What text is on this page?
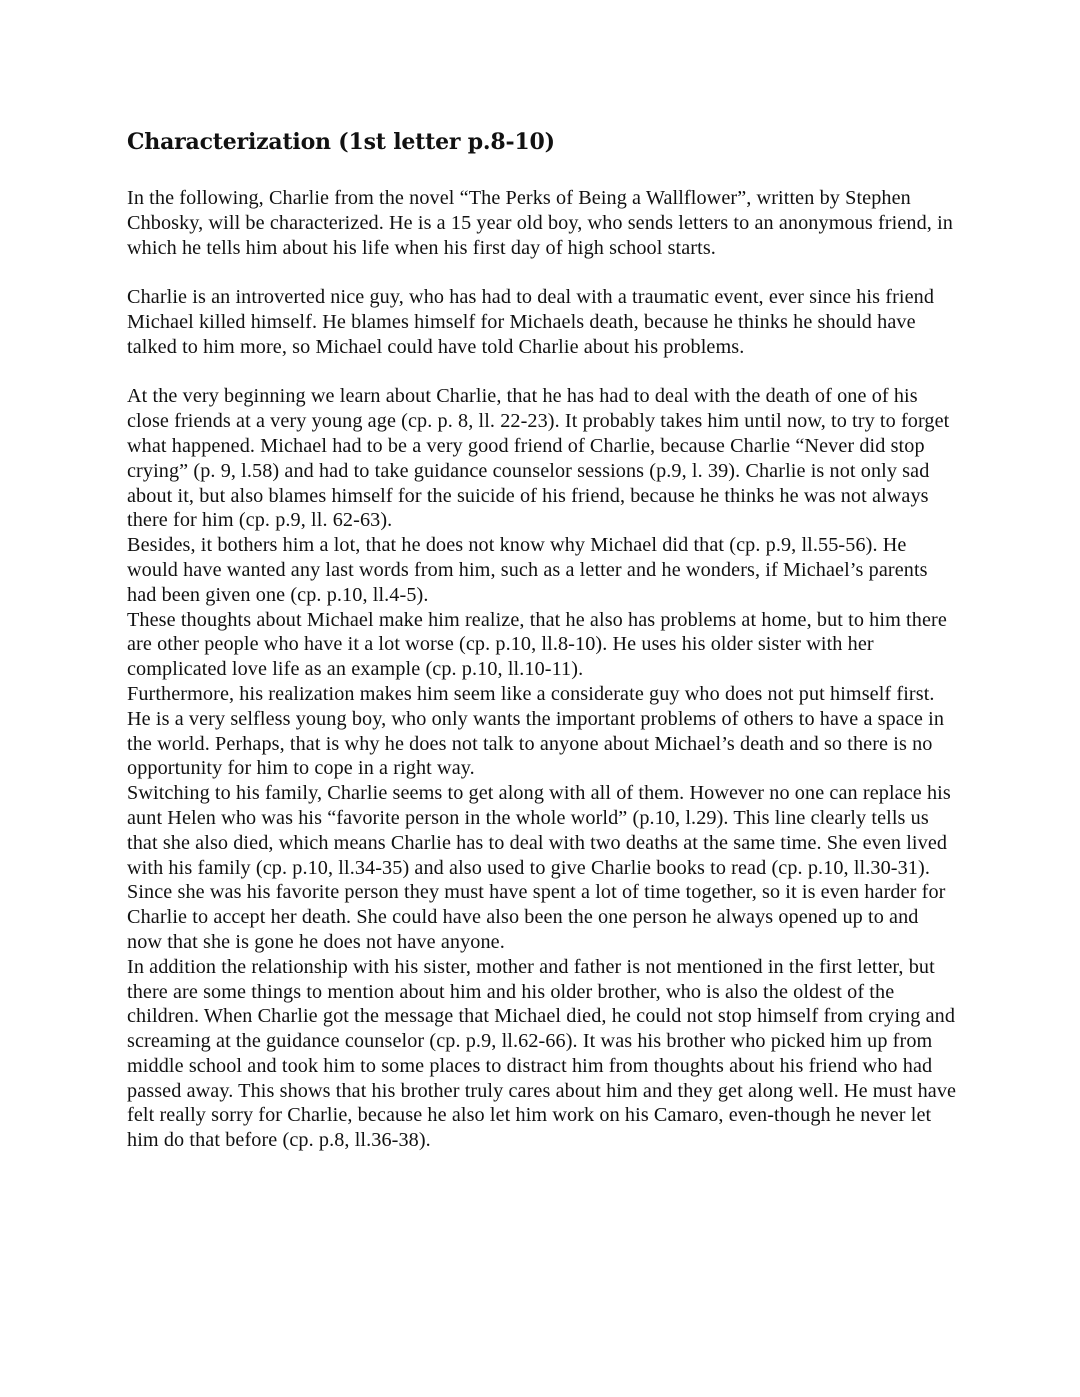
Characterization (1st letter p.8-10)

In the following, Charlie from the novel “The Perks of Being a Wallflower”, written by Stephen Chbosky, will be characterized. He is a 15 year old boy, who sends letters to an anonymous friend, in which he tells him about his life when his first day of high school starts.

Charlie is an introverted nice guy, who has had to deal with a traumatic event, ever since his friend Michael killed himself. He blames himself for Michaels death, because he thinks he should have talked to him more, so Michael could have told Charlie about his problems.

At the very beginning we learn about Charlie, that he has had to deal with the death of one of his close friends at a very young age (cp. p. 8, ll. 22-23). It probably takes him until now, to try to forget what happened. Michael had to be a very good friend of Charlie, because Charlie “Never did stop crying” (p. 9, l.58) and had to take guidance counselor sessions (p.9, l. 39). Charlie is not only sad about it, but also blames himself for the suicide of his friend, because he thinks he was not always there for him (cp. p.9, ll. 62-63).

Besides, it bothers him a lot, that he does not know why Michael did that (cp. p.9, ll.55-56). He would have wanted any last words from him, such as a letter and he wonders, if Michael’s parents had been given one (cp. p.10, ll.4-5).

These thoughts about Michael make him realize, that he also has problems at home, but to him there are other people who have it a lot worse (cp. p.10, ll.8-10). He uses his older sister with her complicated love life as an example (cp. p.10, ll.10-11).

Furthermore, his realization makes him seem like a considerate guy who does not put himself first. He is a very selfless young boy, who only wants the important problems of others to have a space in the world. Perhaps, that is why he does not talk to anyone about Michael’s death and so there is no opportunity for him to cope in a right way.

Switching to his family, Charlie seems to get along with all of them. However no one can replace his aunt Helen who was his “favorite person in the whole world” (p.10, l.29). This line clearly tells us that she also died, which means Charlie has to deal with two deaths at the same time. She even lived with his family (cp. p.10, ll.34-35) and also used to give Charlie books to read (cp. p.10, ll.30-31). Since she was his favorite person they must have spent a lot of time together, so it is even harder for Charlie to accept her death. She could have also been the one person he always opened up to and now that she is gone he does not have anyone.

In addition the relationship with his sister, mother and father is not mentioned in the first letter, but there are some things to mention about him and his older brother, who is also the oldest of the children. When Charlie got the message that Michael died, he could not stop himself from crying and screaming at the guidance counselor (cp. p.9, ll.62-66). It was his brother who picked him up from middle school and took him to some places to distract him from thoughts about his friend who had passed away. This shows that his brother truly cares about him and they get along well. He must have felt really sorry for Charlie, because he also let him work on his Camaro, even-though he never let him do that before (cp. p.8, ll.36-38).
